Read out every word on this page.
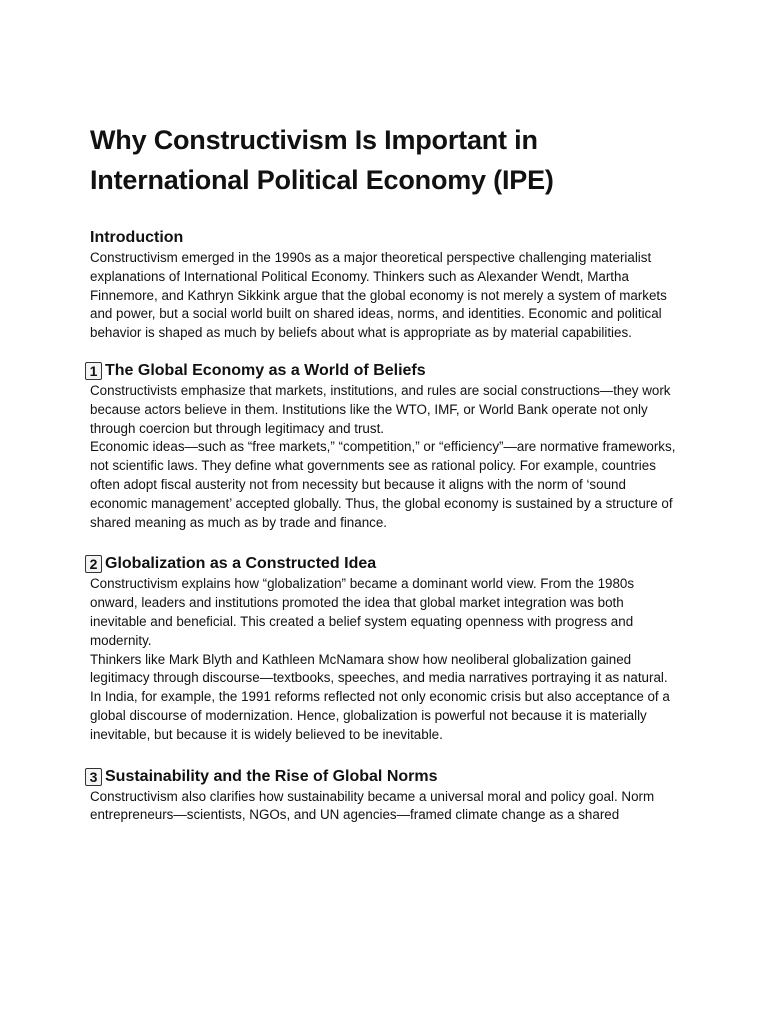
Why Constructivism Is Important in
International Political Economy (IPE)
Introduction

Constructivism emerged in the 1990s as a major theoretical perspective challenging materialist explanations of International Political Economy. Thinkers such as Alexander Wendt, Martha Finnemore, and Kathryn Sikkink argue that the global economy is not merely a system of markets and power, but a social world built on shared ideas, norms, and identities. Economic and political behavior is shaped as much by beliefs about what is appropriate as by material capabilities.

1 The Global Economy as a World of Beliefs

Constructivists emphasize that markets, institutions, and rules are social constructions—they work because actors believe in them. Institutions like the WTO, IMF, or World Bank operate not only through coercion but through legitimacy and trust.

Economic ideas—such as “free markets,” “competition,” or “efficiency”—are normative frameworks, not scientific laws. They define what governments see as rational policy. For example, countries often adopt fiscal austerity not from necessity but because it aligns with the norm of ‘sound economic management’ accepted globally. Thus, the global economy is sustained by a structure of shared meaning as much as by trade and finance.

2 Globalization as a Constructed Idea

Constructivism explains how “globalization” became a dominant world view. From the 1980s onward, leaders and institutions promoted the idea that global market integration was both inevitable and beneficial. This created a belief system equating openness with progress and modernity.

Thinkers like Mark Blyth and Kathleen McNamara show how neoliberal globalization gained legitimacy through discourse—textbooks, speeches, and media narratives portraying it as natural. In India, for example, the 1991 reforms reflected not only economic crisis but also acceptance of a global discourse of modernization. Hence, globalization is powerful not because it is materially inevitable, but because it is widely believed to be inevitable.

3 Sustainability and the Rise of Global Norms

Constructivism also clarifies how sustainability became a universal moral and policy goal. Norm entrepreneurs—scientists, NGOs, and UN agencies—framed climate change as a shared
